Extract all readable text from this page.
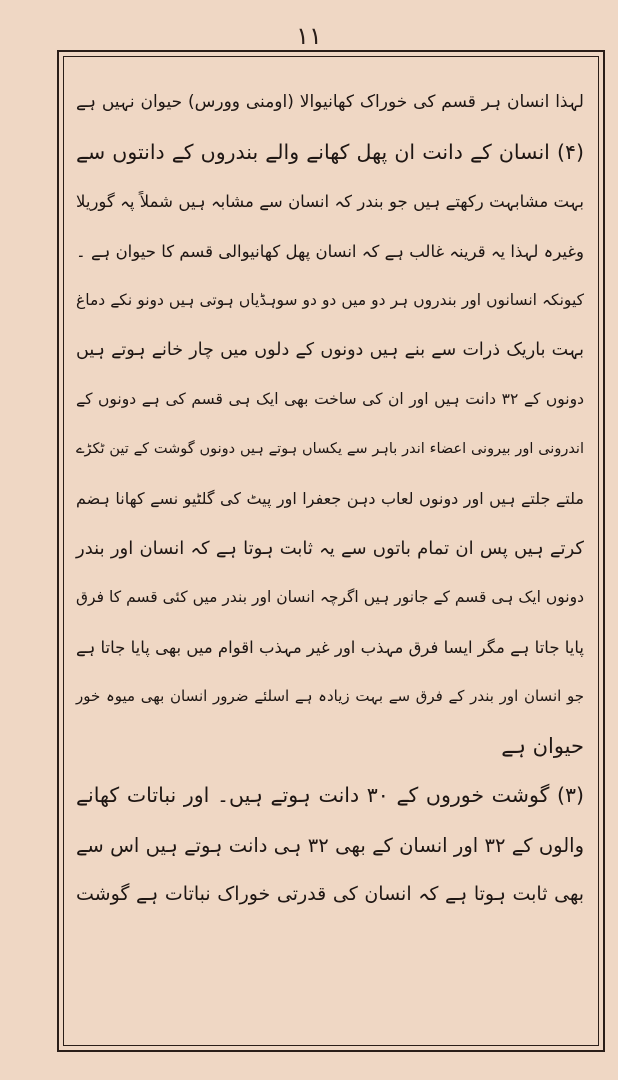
۱۱
لہذا انسان ہر قسم کی خوراک کھانیوالا (اومنی وورس) حیوان نہیں ہے
(۴) انسان کے دانت ان پھل کھانے والے بندروں کے دانتوں سے
بہت مشابہت رکھتے ہیں جو بندر کہ انسان سے مشابہ ہیں شملاً پہ گوریلا
وغیرہ لہذا یہ قرینہ غالب ہے کہ انسان پھل کھانیوالی قسم کا حیوان ہے ۔
کیونکہ انسانوں اور بندروں ہر دو میں دو دو سوہڈیاں ہوتی ہیں دونو نکے دماغ
بہت باریک ذرات سے بنے ہیں دونوں کے دلوں میں چار خانے ہوتے ہیں
دونوں کے ۳۲ دانت ہیں اور ان کی ساخت بھی ایک ہی قسم کی ہے دونوں کے
اندرونی اور بیرونی اعضاء اندر باہر سے یکساں ہوتے ہیں دونوں گوشت کے تین ٹکڑے
ملتے جلتے ہیں اور دونوں لعاب دہن جعفرا اور پیٹ کی گلٹیو نسے کھانا ہضم
کرتے ہیں پس ان تمام باتوں سے یہ ثابت ہوتا ہے کہ انسان اور بندر
دونوں ایک ہی قسم کے جانور ہیں اگرچہ انسان اور بندر میں کئی قسم کا فرق
پایا جاتا ہے مگر ایسا فرق مہذب اور غیر مہذب اقوام میں بھی پایا جاتا ہے
جو انسان اور بندر کے فرق سے بہت زیادہ ہے اسلئے ضرور انسان بھی میوہ خور
حیوان ہے
(۳) گوشت خوروں کے ۳۰ دانت ہوتے ہیں۔ اور نباتات کھانے
والوں کے ۳۲ اور انسان کے بھی ۳۲ ہی دانت ہوتے ہیں اس سے
بھی ثابت ہوتا ہے کہ انسان کی قدرتی خوراک نباتات ہے گوشت
